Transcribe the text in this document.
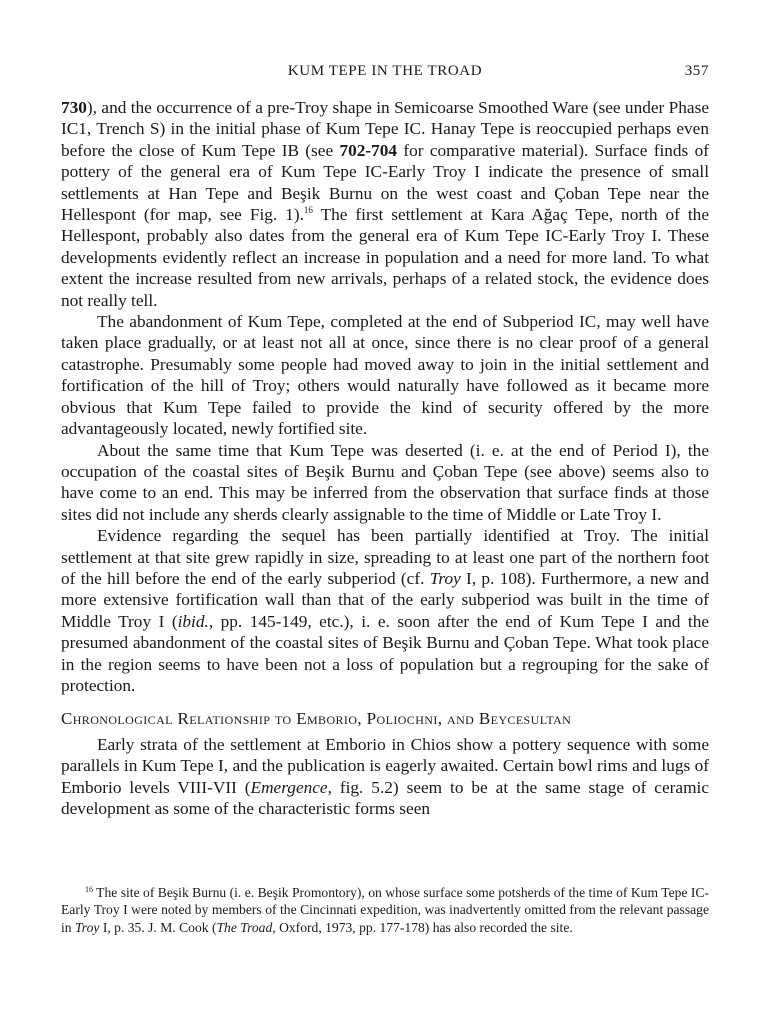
KUM TEPE IN THE TROAD	357

730), and the occurrence of a pre-Troy shape in Semicoarse Smoothed Ware (see under Phase IC1, Trench S) in the initial phase of Kum Tepe IC. Hanay Tepe is reoccupied perhaps even before the close of Kum Tepe IB (see 702-704 for comparative material). Surface finds of pottery of the general era of Kum Tepe IC-Early Troy I indicate the presence of small settlements at Han Tepe and Beşik Burnu on the west coast and Çoban Tepe near the Hellespont (for map, see Fig. 1).$^{16}$ The first settlement at Kara Ağaç Tepe, north of the Hellespont, probably also dates from the general era of Kum Tepe IC-Early Troy I. These developments evidently reflect an increase in population and a need for more land. To what extent the increase resulted from new arrivals, perhaps of a related stock, the evidence does not really tell.

The abandonment of Kum Tepe, completed at the end of Subperiod IC, may well have taken place gradually, or at least not all at once, since there is no clear proof of a general catastrophe. Presumably some people had moved away to join in the initial settlement and fortification of the hill of Troy; others would naturally have followed as it became more obvious that Kum Tepe failed to provide the kind of security offered by the more advantageously located, newly fortified site.

About the same time that Kum Tepe was deserted (i. e. at the end of Period I), the occupation of the coastal sites of Beşik Burnu and Çoban Tepe (see above) seems also to have come to an end. This may be inferred from the observation that surface finds at those sites did not include any sherds clearly assignable to the time of Middle or Late Troy I.

Evidence regarding the sequel has been partially identified at Troy. The initial settlement at that site grew rapidly in size, spreading to at least one part of the northern foot of the hill before the end of the early subperiod (cf. Troy I, p. 108). Furthermore, a new and more extensive fortification wall than that of the early subperiod was built in the time of Middle Troy I (ibid., pp. 145-149, etc.), i. e. soon after the end of Kum Tepe I and the presumed abandonment of the coastal sites of Beşik Burnu and Çoban Tepe. What took place in the region seems to have been not a loss of population but a regrouping for the sake of protection.

Chronological Relationship to Emborio, Poliochni, and Beycesultan

Early strata of the settlement at Emborio in Chios show a pottery sequence with some parallels in Kum Tepe I, and the publication is eagerly awaited. Certain bowl rims and lugs of Emborio levels VIII-VII (Emergence, fig. 5.2) seem to be at the same stage of ceramic development as some of the characteristic forms seen

$^{16}$ The site of Beşik Burnu (i. e. Beşik Promontory), on whose surface some potsherds of the time of Kum Tepe IC-Early Troy I were noted by members of the Cincinnati expedition, was inadvertently omitted from the relevant passage in Troy I, p. 35. J. M. Cook (The Troad, Oxford, 1973, pp. 177-178) has also recorded the site.
